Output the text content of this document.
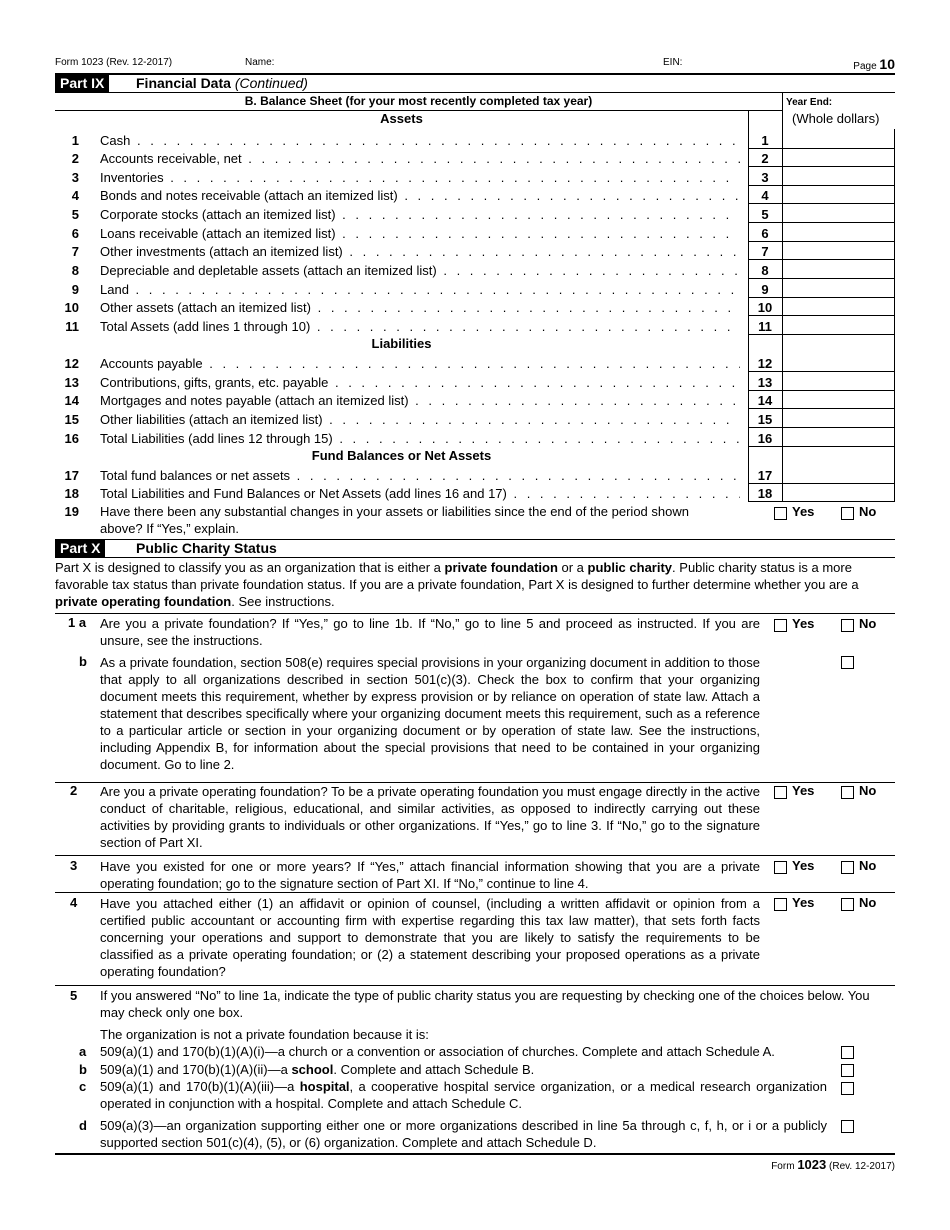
Form 1023 (Rev. 12-2017)	Name:	EIN:	Page 10
Part IX	Financial Data (Continued)
B. Balance Sheet (for your most recently completed tax year)	Year End:
Assets	(Whole dollars)
1 Cash . . .	1
2 Accounts receivable, net . . .	2
3 Inventories . . .	3
4 Bonds and notes receivable (attach an itemized list) . . .	4
5 Corporate stocks (attach an itemized list) . . .	5
6 Loans receivable (attach an itemized list) . . .	6
7 Other investments (attach an itemized list) . . .	7
8 Depreciable and depletable assets (attach an itemized list) . . .	8
9 Land . . .	9
10 Other assets (attach an itemized list) . . .	10
11 Total Assets (add lines 1 through 10) . . .	11
12 Accounts payable . . .	12
13 Contributions, gifts, grants, etc. payable . . .	13
14 Mortgages and notes payable (attach an itemized list) . . .	14
15 Other liabilities (attach an itemized list) . . .	15
16 Total Liabilities (add lines 12 through 15) . . .	16
17 Total fund balances or net assets . . .	17
18 Total Liabilities and Fund Balances or Net Assets (add lines 16 and 17) . . .	18
Liabilities
Fund Balances or Net Assets
19 Have there been any substantial changes in your assets or liabilities since the end of the period shown above? If “Yes,” explain.
Yes	No
Part X	Public Charity Status
Part X is designed to classify you as an organization that is either a private foundation or a public charity. Public charity status is a more favorable tax status than private foundation status. If you are a private foundation, Part X is designed to further determine whether you are a private operating foundation. See instructions.
1 a Are you a private foundation? If “Yes,” go to line 1b. If “No,” go to line 5 and proceed as instructed. If you are unsure, see the instructions.
Yes	No
b As a private foundation, section 508(e) requires special provisions in your organizing document in addition to those that apply to all organizations described in section 501(c)(3). Check the box to confirm that your organizing document meets this requirement, whether by express provision or by reliance on operation of state law. Attach a statement that describes specifically where your organizing document meets this requirement, such as a reference to a particular article or section in your organizing document or by operation of state law. See the instructions, including Appendix B, for information about the special provisions that need to be contained in your organizing document. Go to line 2.
2 Are you a private operating foundation? To be a private operating foundation you must engage directly in the active conduct of charitable, religious, educational, and similar activities, as opposed to indirectly carrying out these activities by providing grants to individuals or other organizations. If “Yes,” go to line 3. If “No,” go to the signature section of Part XI.
Yes	No
3 Have you existed for one or more years? If “Yes,” attach financial information showing that you are a private operating foundation; go to the signature section of Part XI. If “No,” continue to line 4.
Yes	No
4 Have you attached either (1) an affidavit or opinion of counsel, (including a written affidavit or opinion from a certified public accountant or accounting firm with expertise regarding this tax law matter), that sets forth facts concerning your operations and support to demonstrate that you are likely to satisfy the requirements to be classified as a private operating foundation; or (2) a statement describing your proposed operations as a private operating foundation?
Yes	No
5 If you answered “No” to line 1a, indicate the type of public charity status you are requesting by checking one of the choices below. You may check only one box.
The organization is not a private foundation because it is:
a 509(a)(1) and 170(b)(1)(A)(i)—a church or a convention or association of churches. Complete and attach Schedule A.
b 509(a)(1) and 170(b)(1)(A)(ii)—a school. Complete and attach Schedule B.
c 509(a)(1) and 170(b)(1)(A)(iii)—a hospital, a cooperative hospital service organization, or a medical research organization operated in conjunction with a hospital. Complete and attach Schedule C.
d 509(a)(3)—an organization supporting either one or more organizations described in line 5a through c, f, h, or i or a publicly supported section 501(c)(4), (5), or (6) organization. Complete and attach Schedule D.
Form 1023 (Rev. 12-2017)
